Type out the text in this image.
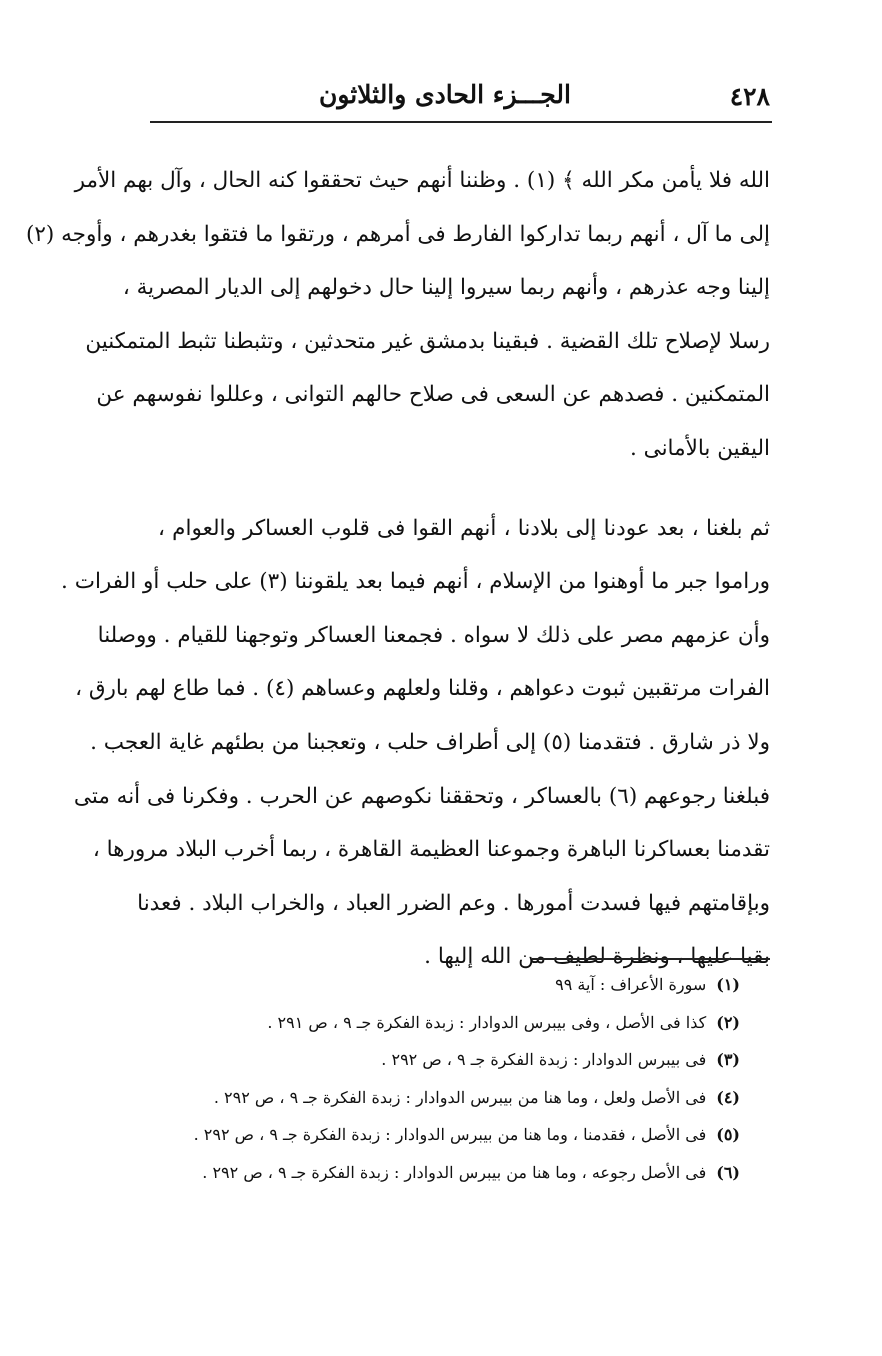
٤٢٨
الجـــزء الحادى والثلاثون
الله فلا يأمن مكر الله ﴾ (١) . وظننا أنهم حيث تحققوا كنه الحال ، وآل بهم الأمر
إلى ما آل ، أنهم ربما تداركوا الفارط فى أمرهم ، ورتقوا ما فتقوا بغدرهم ، وأوجه (٢)
إلينا وجه عذرهم ، وأنهم ربما سيروا إلينا حال دخولهم إلى الديار المصرية ،
رسلا لإصلاح تلك القضية . فبقينا بدمشق غير متحدثين ، وتثبطنا تثبط المتمكنين
المتمكنين . فصدهم عن السعى فى صلاح حالهم التوانى ، وعللوا نفوسهم عن
اليقين بالأمانى .
ثم بلغنا ، بعد عودنا إلى بلادنا ، أنهم القوا فى قلوب العساكر والعوام ،
وراموا جبر ما أوهنوا من الإسلام ، أنهم فيما بعد يلقوننا (٣) على حلب أو الفرات .
وأن عزمهم مصر على ذلك لا سواه . فجمعنا العساكر وتوجهنا للقيام . ووصلنا
الفرات مرتقبين ثبوت دعواهم ، وقلنا ولعلهم وعساهم (٤) . فما طاع لهم بارق ،
ولا ذر شارق . فتقدمنا (٥) إلى أطراف حلب ، وتعجبنا من بطئهم غاية العجب .
فبلغنا رجوعهم (٦) بالعساكر ، وتحققنا نكوصهم عن الحرب . وفكرنا فى أنه متى
تقدمنا بعساكرنا الباهرة وجموعنا العظيمة القاهرة ، ربما أخرب البلاد مرورها ،
وبإقامتهم فيها فسدت أمورها . وعم الضرر العباد ، والخراب البلاد . فعدنا
بقيا عليها ، ونظرة لطيف من الله إليها .
(١)سورة الأعراف : آية ٩٩
(٢)كذا فى الأصل ، وفى بيبرس الدوادار : زبدة الفكرة جـ ٩ ، ص ٢٩١ .
(٣)فى بيبرس الدوادار : زبدة الفكرة جـ ٩ ، ص ٢٩٢ .
(٤)فى الأصل ولعل ، وما هنا من بيبرس الدوادار : زبدة الفكرة جـ ٩ ، ص ٢٩٢ .
(٥)فى الأصل ، فقدمنا ، وما هنا من بيبرس الدوادار : زبدة الفكرة جـ ٩ ، ص ٢٩٢ .
(٦)فى الأصل رجوعه ، وما هنا من بيبرس الدوادار : زبدة الفكرة جـ ٩ ، ص ٢٩٢ .
